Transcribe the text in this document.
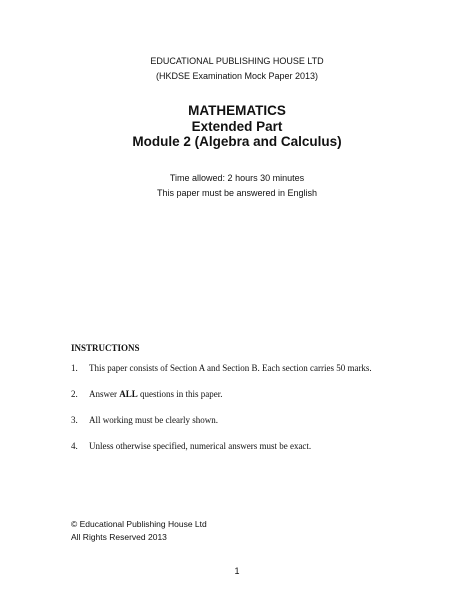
EDUCATIONAL PUBLISHING HOUSE LTD
(HKDSE Examination Mock Paper 2013)
MATHEMATICS
Extended Part
Module 2 (Algebra and Calculus)
Time allowed: 2 hours 30 minutes
This paper must be answered in English
INSTRUCTIONS
1. This paper consists of Section A and Section B. Each section carries 50 marks.
2. Answer ALL questions in this paper.
3. All working must be clearly shown.
4. Unless otherwise specified, numerical answers must be exact.
© Educational Publishing House Ltd
All Rights Reserved 2013
1
